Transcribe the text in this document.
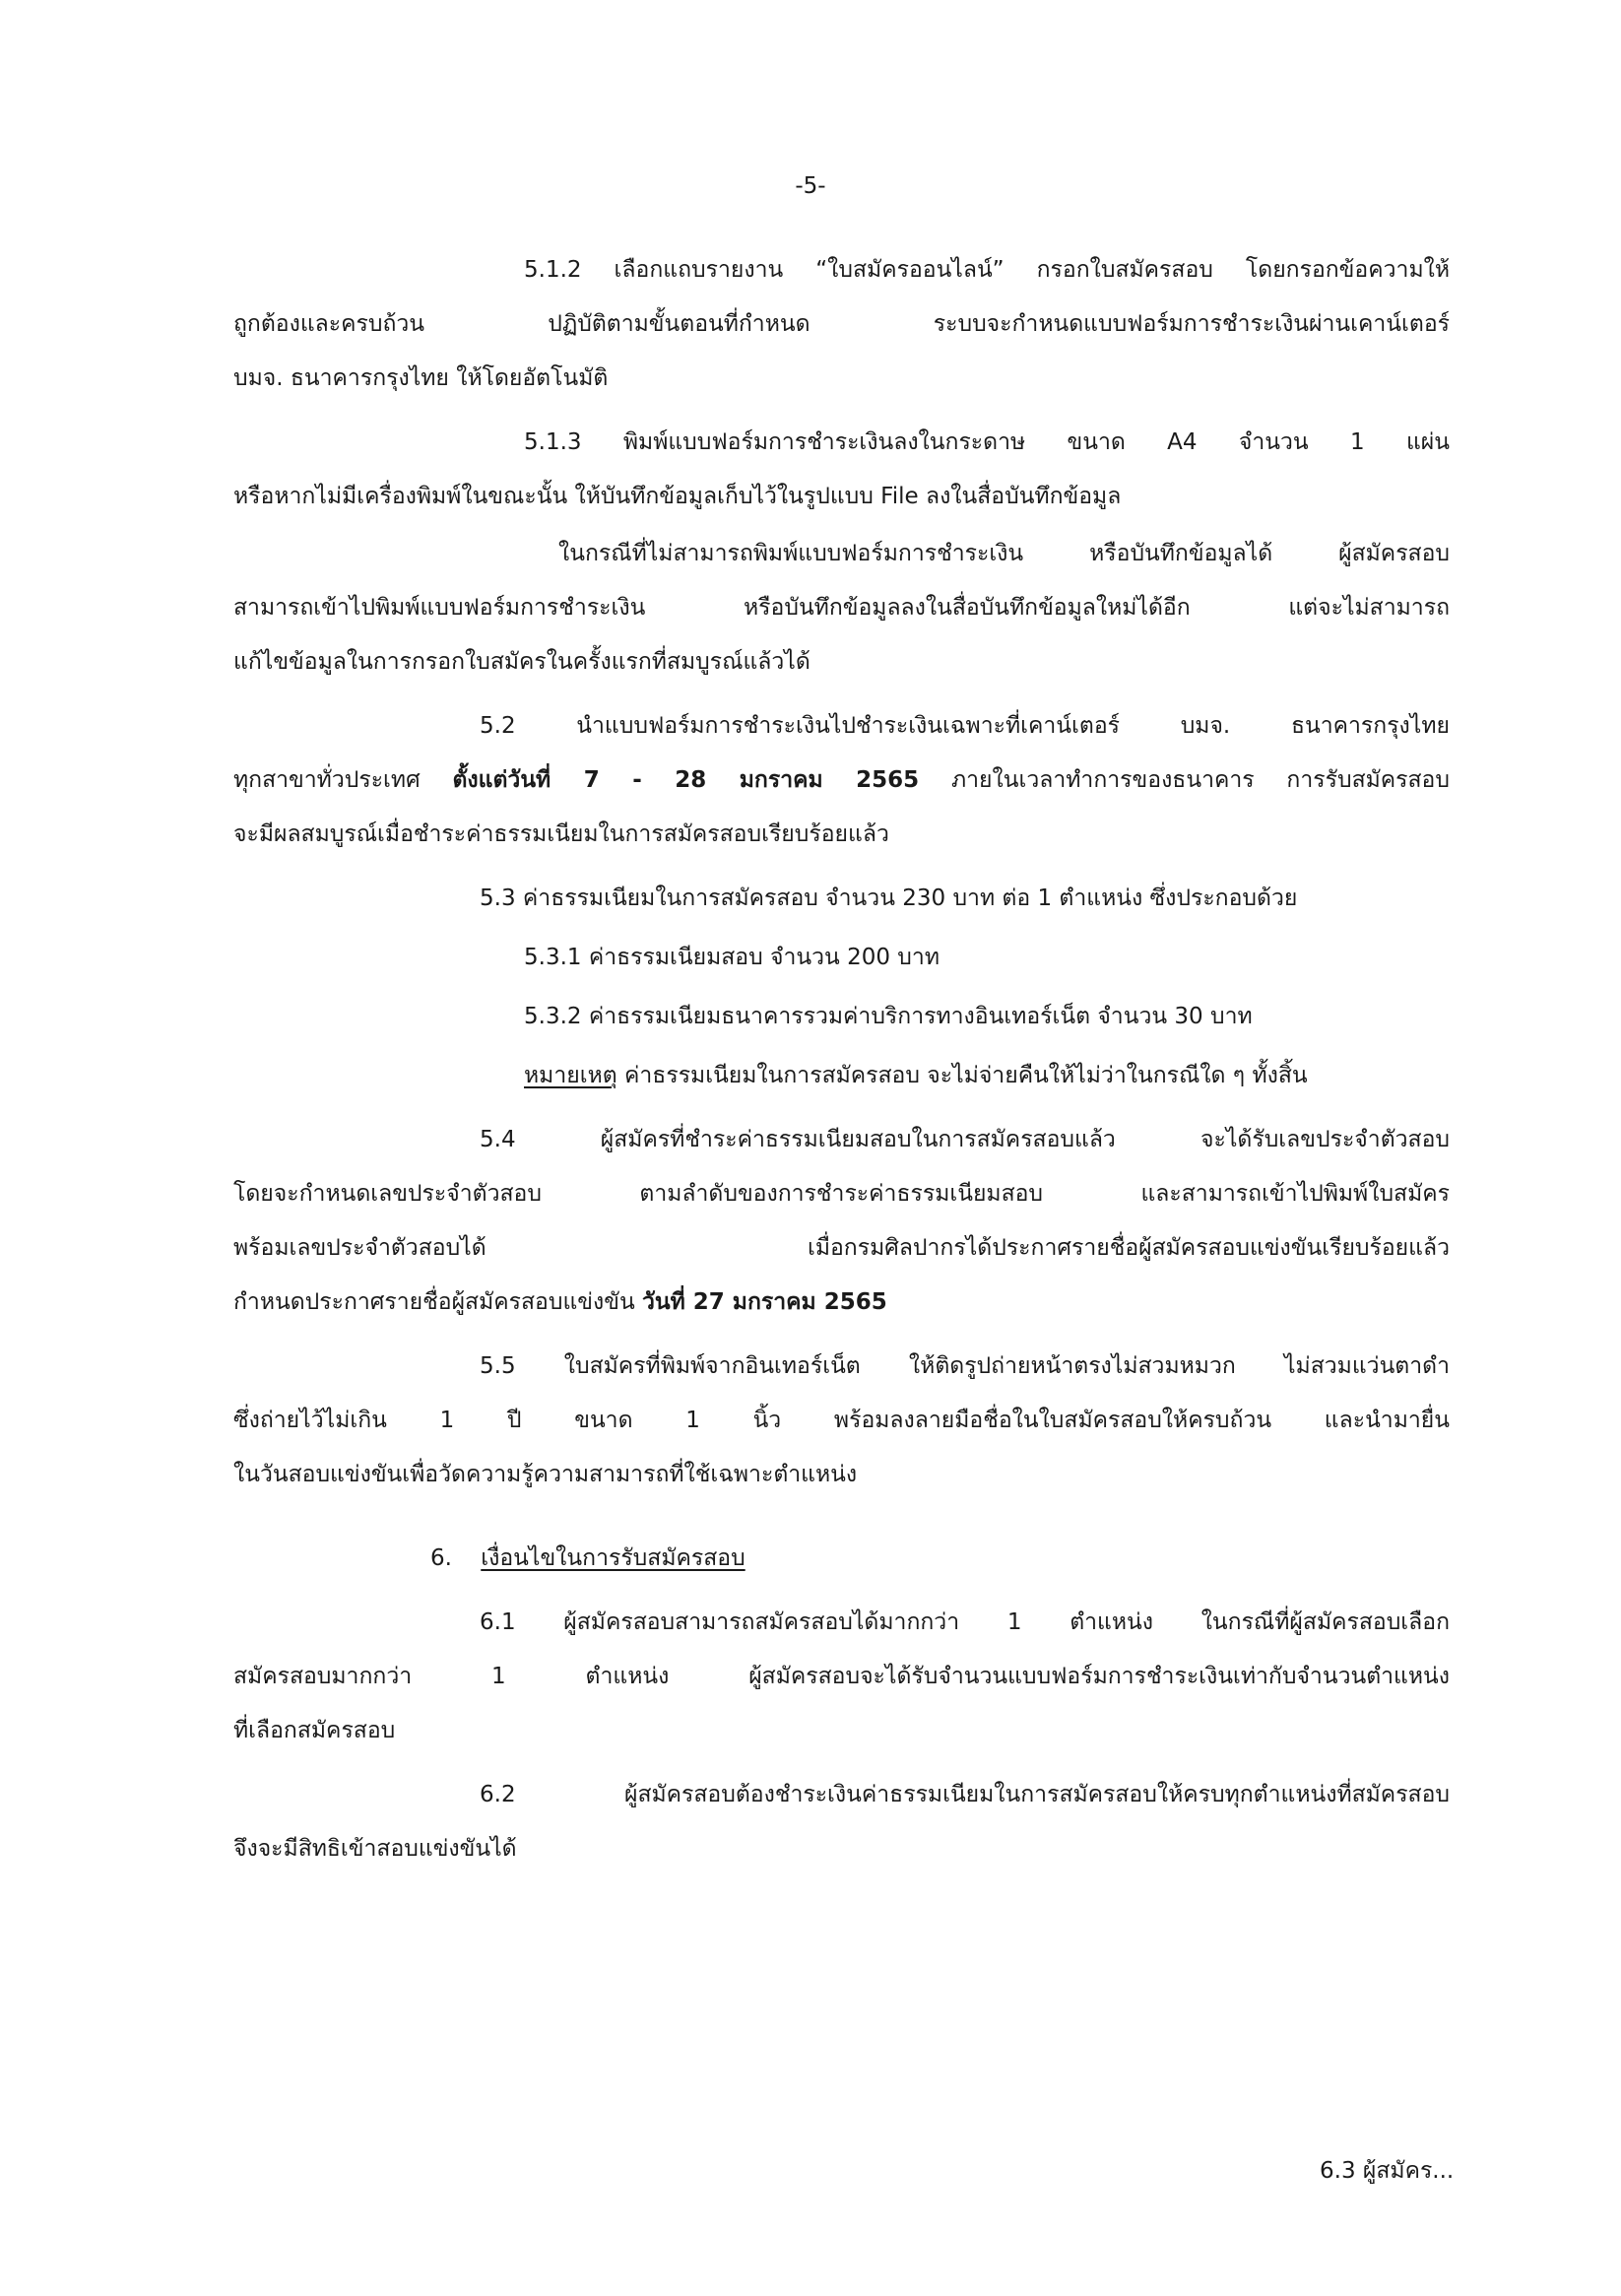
-5-
5.1.2 เลือกแถบรายงาน “ใบสมัครออนไลน์” กรอกใบสมัครสอบ โดยกรอกข้อความให้
ถูกต้องและครบถ้วน ปฏิบัติตามขั้นตอนที่กำหนด ระบบจะกำหนดแบบฟอร์มการชำระเงินผ่านเคาน์เตอร์
บมจ. ธนาคารกรุงไทย ให้โดยอัตโนมัติ
5.1.3 พิมพ์แบบฟอร์มการชำระเงินลงในกระดาษ ขนาด A4 จำนวน 1 แผ่น
หรือหากไม่มีเครื่องพิมพ์ในขณะนั้น ให้บันทึกข้อมูลเก็บไว้ในรูปแบบ File ลงในสื่อบันทึกข้อมูล
ในกรณีที่ไม่สามารถพิมพ์แบบฟอร์มการชำระเงิน หรือบันทึกข้อมูลได้ ผู้สมัครสอบ
สามารถเข้าไปพิมพ์แบบฟอร์มการชำระเงิน หรือบันทึกข้อมูลลงในสื่อบันทึกข้อมูลใหม่ได้อีก แต่จะไม่สามารถ
แก้ไขข้อมูลในการกรอกใบสมัครในครั้งแรกที่สมบูรณ์แล้วได้
5.2 นำแบบฟอร์มการชำระเงินไปชำระเงินเฉพาะที่เคาน์เตอร์ บมจ. ธนาคารกรุงไทย
ทุกสาขาทั่วประเทศ ตั้งแต่วันที่ 7 - 28 มกราคม 2565 ภายในเวลาทำการของธนาคาร การรับสมัครสอบ
จะมีผลสมบูรณ์เมื่อชำระค่าธรรมเนียมในการสมัครสอบเรียบร้อยแล้ว
5.3 ค่าธรรมเนียมในการสมัครสอบ จำนวน 230 บาท ต่อ 1 ตำแหน่ง ซึ่งประกอบด้วย
5.3.1 ค่าธรรมเนียมสอบ จำนวน 200 บาท
5.3.2 ค่าธรรมเนียมธนาคารรวมค่าบริการทางอินเทอร์เน็ต จำนวน 30 บาท
หมายเหตุ ค่าธรรมเนียมในการสมัครสอบ จะไม่จ่ายคืนให้ไม่ว่าในกรณีใด ๆ ทั้งสิ้น
5.4 ผู้สมัครที่ชำระค่าธรรมเนียมสอบในการสมัครสอบแล้ว จะได้รับเลขประจำตัวสอบ
โดยจะกำหนดเลขประจำตัวสอบ ตามลำดับของการชำระค่าธรรมเนียมสอบ และสามารถเข้าไปพิมพ์ใบสมัคร
พร้อมเลขประจำตัวสอบได้ เมื่อกรมศิลปากรได้ประกาศรายชื่อผู้สมัครสอบแข่งขันเรียบร้อยแล้ว
กำหนดประกาศรายชื่อผู้สมัครสอบแข่งขัน วันที่ 27 มกราคม 2565
5.5 ใบสมัครที่พิมพ์จากอินเทอร์เน็ต ให้ติดรูปถ่ายหน้าตรงไม่สวมหมวก ไม่สวมแว่นตาดำ
ซึ่งถ่ายไว้ไม่เกิน 1 ปี ขนาด 1 นิ้ว พร้อมลงลายมือชื่อในใบสมัครสอบให้ครบถ้วน และนำมายื่น
ในวันสอบแข่งขันเพื่อวัดความรู้ความสามารถที่ใช้เฉพาะตำแหน่ง
6. เงื่อนไขในการรับสมัครสอบ
6.1 ผู้สมัครสอบสามารถสมัครสอบได้มากกว่า 1 ตำแหน่ง ในกรณีที่ผู้สมัครสอบเลือก
สมัครสอบมากกว่า 1 ตำแหน่ง ผู้สมัครสอบจะได้รับจำนวนแบบฟอร์มการชำระเงินเท่ากับจำนวนตำแหน่ง
ที่เลือกสมัครสอบ
6.2 ผู้สมัครสอบต้องชำระเงินค่าธรรมเนียมในการสมัครสอบให้ครบทุกตำแหน่งที่สมัครสอบ
จึงจะมีสิทธิเข้าสอบแข่งขันได้
6.3 ผู้สมัคร...
